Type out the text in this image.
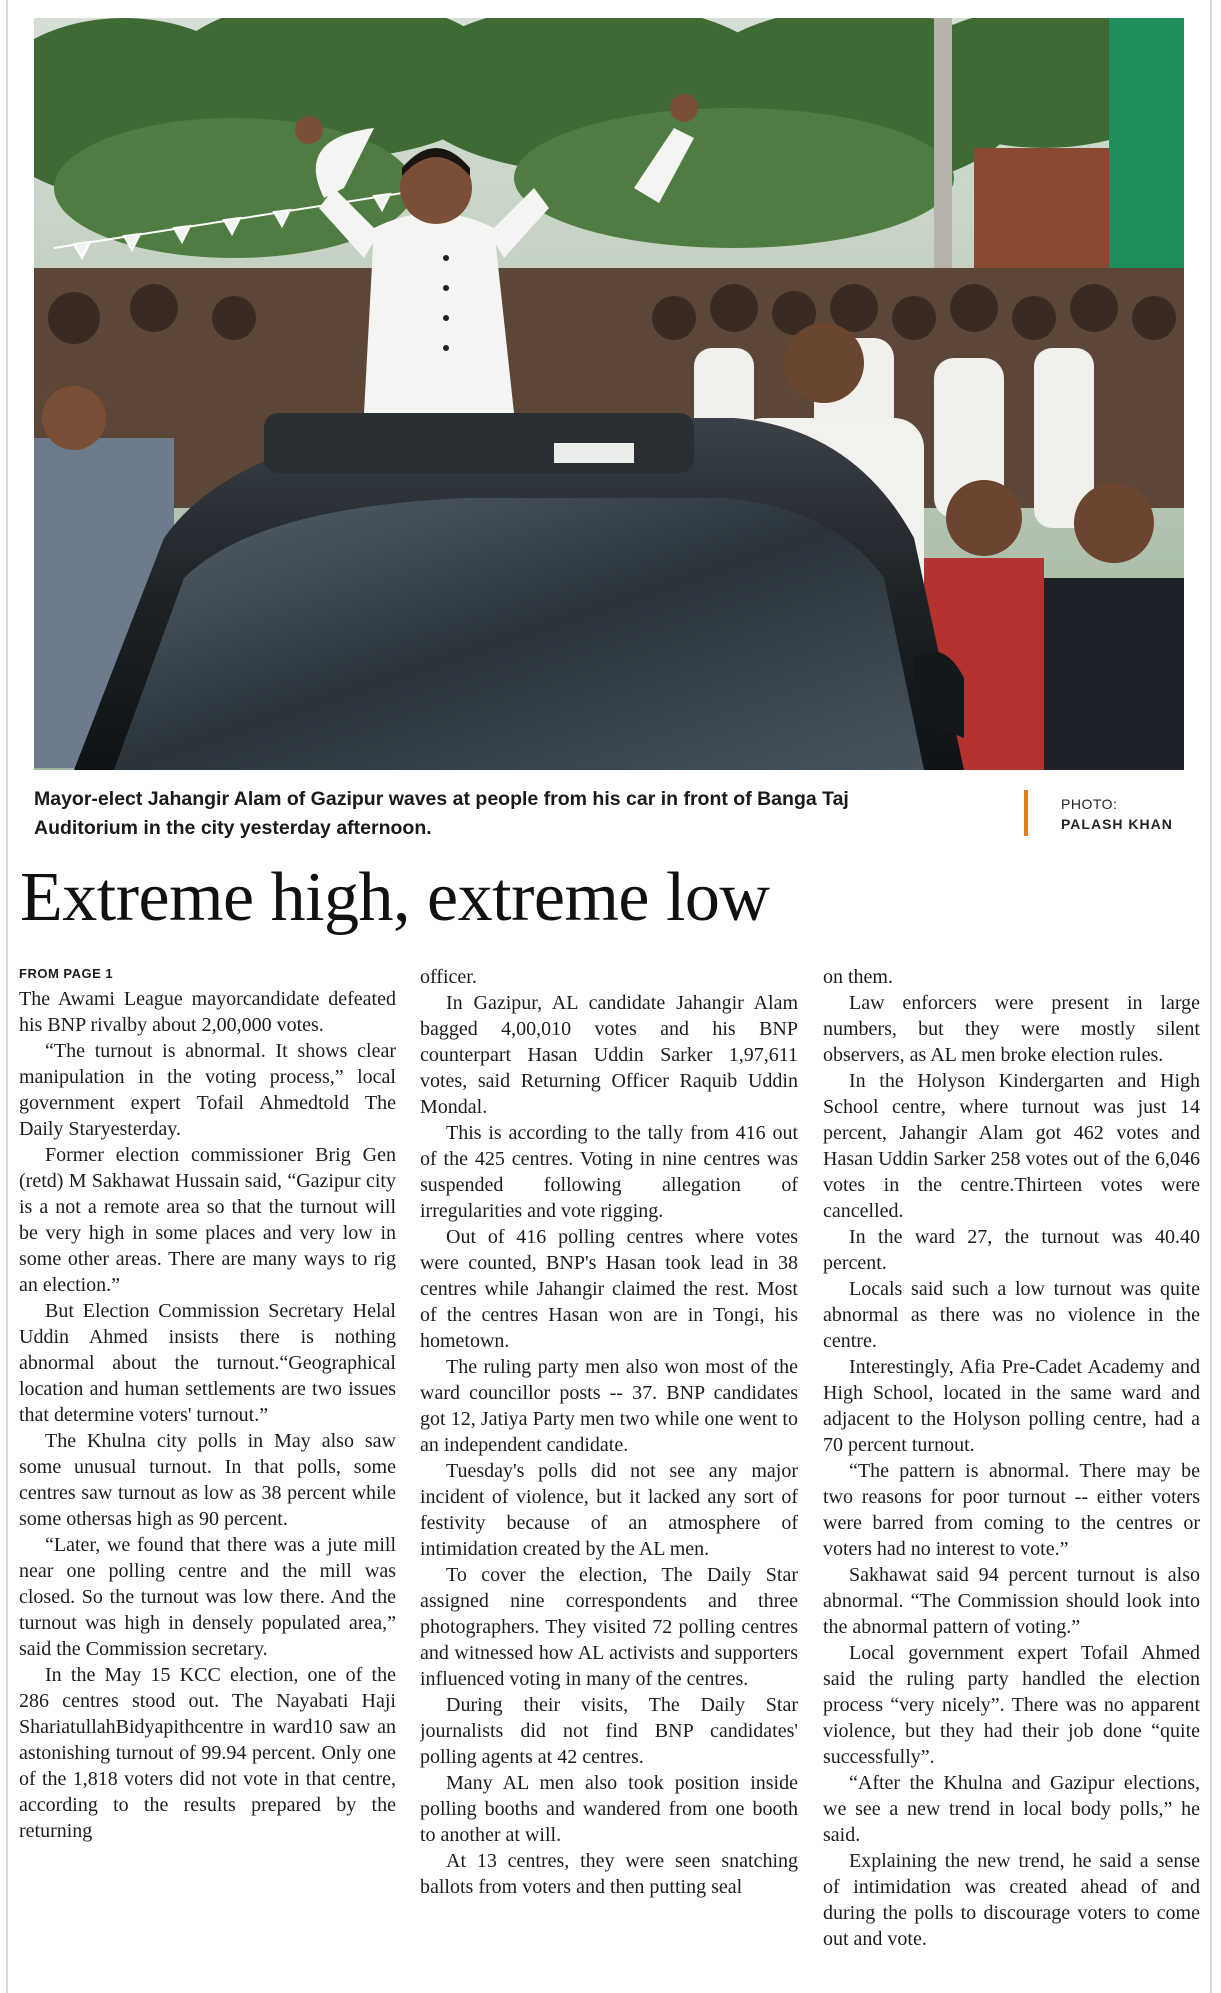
Mayor-elect Jahangir Alam of Gazipur waves at people from his car in front of Banga Taj Auditorium in the city yesterday afternoon.
PHOTO:
PALASH KHAN
Extreme high, extreme low
FROM PAGE 1

The Awami League mayorcandidate defeated his BNP rivalby about 2,00,000 votes.

“The turnout is abnormal. It shows clear manipulation in the voting process,” local government expert Tofail Ahmedtold The Daily Staryesterday.

Former election commissioner Brig Gen (retd) M Sakhawat Hussain said, “Gazipur city is a not a remote area so that the turnout will be very high in some places and very low in some other areas. There are many ways to rig an election.”

But Election Commission Secretary Helal Uddin Ahmed insists there is nothing abnormal about the turnout.“Geographical location and human settlements are two issues that determine voters' turnout.”

The Khulna city polls in May also saw some unusual turnout. In that polls, some centres saw turnout as low as 38 percent while some othersas high as 90 percent.

“Later, we found that there was a jute mill near one polling centre and the mill was closed. So the turnout was low there. And the turnout was high in densely populated area,” said the Commission secretary.

In the May 15 KCC election, one of the 286 centres stood out. The Nayabati Haji ShariatullahBidyapithcentre in ward10 saw an astonishing turnout of 99.94 percent. Only one of the 1,818 voters did not vote in that centre, according to the results prepared by the returning

officer.

In Gazipur, AL candidate Jahangir Alam bagged 4,00,010 votes and his BNP counterpart Hasan Uddin Sarker 1,97,611 votes, said Returning Officer Raquib Uddin Mondal.

This is according to the tally from 416 out of the 425 centres. Voting in nine centres was suspended following allegation of irregularities and vote rigging.

Out of 416 polling centres where votes were counted, BNP's Hasan took lead in 38 centres while Jahangir claimed the rest. Most of the centres Hasan won are in Tongi, his hometown.

The ruling party men also won most of the ward councillor posts -- 37. BNP candidates got 12, Jatiya Party men two while one went to an independent candidate.

Tuesday's polls did not see any major incident of violence, but it lacked any sort of festivity because of an atmosphere of intimidation created by the AL men.

To cover the election, The Daily Star assigned nine correspondents and three photographers. They visited 72 polling centres and witnessed how AL activists and supporters influenced voting in many of the centres.

During their visits, The Daily Star journalists did not find BNP candidates' polling agents at 42 centres.

Many AL men also took position inside polling booths and wandered from one booth to another at will.

At 13 centres, they were seen snatching ballots from voters and then putting seal

on them.

Law enforcers were present in large numbers, but they were mostly silent observers, as AL men broke election rules.

In the Holyson Kindergarten and High School centre, where turnout was just 14 percent, Jahangir Alam got 462 votes and Hasan Uddin Sarker 258 votes out of the 6,046 votes in the centre.Thirteen votes were cancelled.

In the ward 27, the turnout was 40.40 percent.

Locals said such a low turnout was quite abnormal as there was no violence in the centre.

Interestingly, Afia Pre-Cadet Academy and High School, located in the same ward and adjacent to the Holyson polling centre, had a 70 percent turnout.

“The pattern is abnormal. There may be two reasons for poor turnout -- either voters were barred from coming to the centres or voters had no interest to vote.”

Sakhawat said 94 percent turnout is also abnormal. “The Commission should look into the abnormal pattern of voting.”

Local government expert Tofail Ahmed said the ruling party handled the election process “very nicely”. There was no apparent violence, but they had their job done “quite successfully”.

“After the Khulna and Gazipur elections, we see a new trend in local body polls,” he said.

Explaining the new trend, he said a sense of intimidation was created ahead of and during the polls to discourage voters to come out and vote.
